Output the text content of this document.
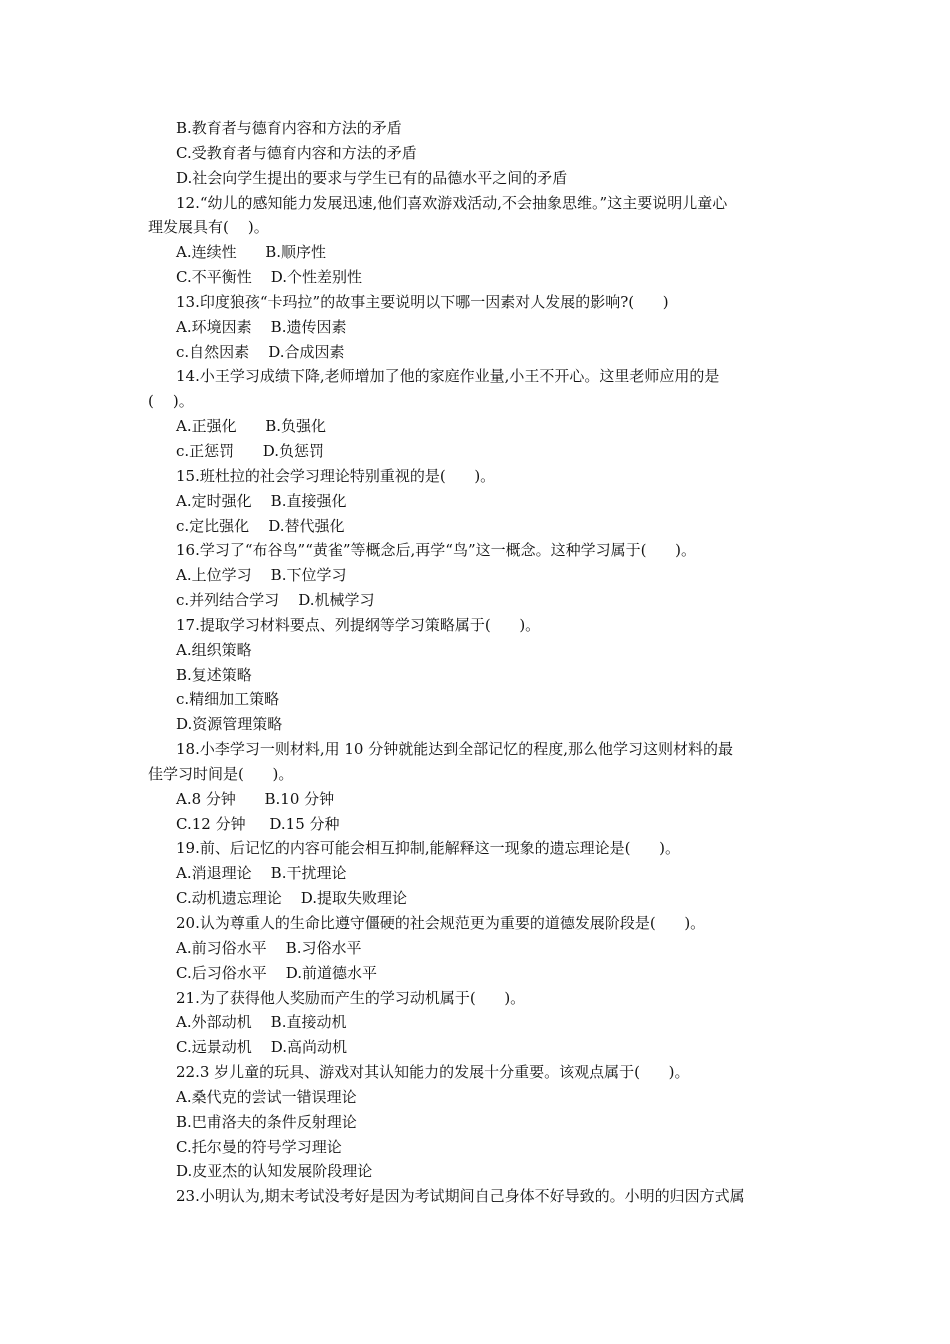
B.教育者与德育内容和方法的矛盾
C.受教育者与德育内容和方法的矛盾
D.社会向学生提出的要求与学生已有的品德水平之间的矛盾
12.“幼儿的感知能力发展迅速,他们喜欢游戏活动,不会抽象思维。”这主要说明儿童心
理发展具有(    )。
A.连续性      B.顺序性
C.不平衡性    D.个性差别性
13.印度狼孩“卡玛拉”的故事主要说明以下哪一因素对人发展的影响?(      )
A.环境因素    B.遗传因素
c.自然因素    D.合成因素
14.小王学习成绩下降,老师增加了他的家庭作业量,小王不开心。这里老师应用的是
(    )。
A.正强化      B.负强化
c.正惩罚      D.负惩罚
15.班杜拉的社会学习理论特别重视的是(      )。
A.定时强化    B.直接强化
c.定比强化    D.替代强化
16.学习了“布谷鸟”“黄雀”等概念后,再学“鸟”这一概念。这种学习属于(      )。
A.上位学习    B.下位学习
c.并列结合学习    D.机械学习
17.提取学习材料要点、列提纲等学习策略属于(      )。
A.组织策略
B.复述策略
c.精细加工策略
D.资源管理策略
18.小李学习一则材料,用 10 分钟就能达到全部记忆的程度,那么他学习这则材料的最
佳学习时间是(      )。
A.8 分钟      B.10 分钟
C.12 分钟     D.15 分种
19.前、后记忆的内容可能会相互抑制,能解释这一现象的遗忘理论是(      )。
A.消退理论    B.干扰理论
C.动机遗忘理论    D.提取失败理论
20.认为尊重人的生命比遵守僵硬的社会规范更为重要的道德发展阶段是(      )。
A.前习俗水平    B.习俗水平
C.后习俗水平    D.前道德水平
21.为了获得他人奖励而产生的学习动机属于(      )。
A.外部动机    B.直接动机
C.远景动机    D.高尚动机
22.3 岁儿童的玩具、游戏对其认知能力的发展十分重要。该观点属于(      )。
A.桑代克的尝试一错误理论
B.巴甫洛夫的条件反射理论
C.托尔曼的符号学习理论
D.皮亚杰的认知发展阶段理论
23.小明认为,期末考试没考好是因为考试期间自己身体不好导致的。小明的归因方式属
